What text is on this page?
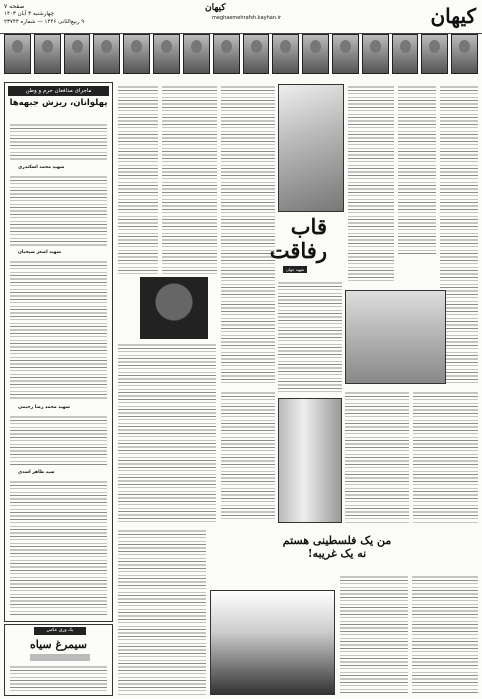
کیهان
صفحه ۷
چهارشنبه ۳ آبان ۱۴۰۳
۹ ربیع‌الثانی ۱۴۴۶ — شماره ۲۳۷۴۴
کیهان
meghaemehrafsh.kayhan.ir
ماجرای مدافعان حرم و وطن
پهلوانان، ریزش جبهه‌ها
شهید محمد اسکندری
شهید اصغر شیخیان
شهید محمد رضا رحیمی
سید طاهر اسدی
یک ورق عکس
سیمرغ سیاه
قاب
رفاقت
شهید جهان
من یک فلسطینی هستم
نه یک غریبه!
